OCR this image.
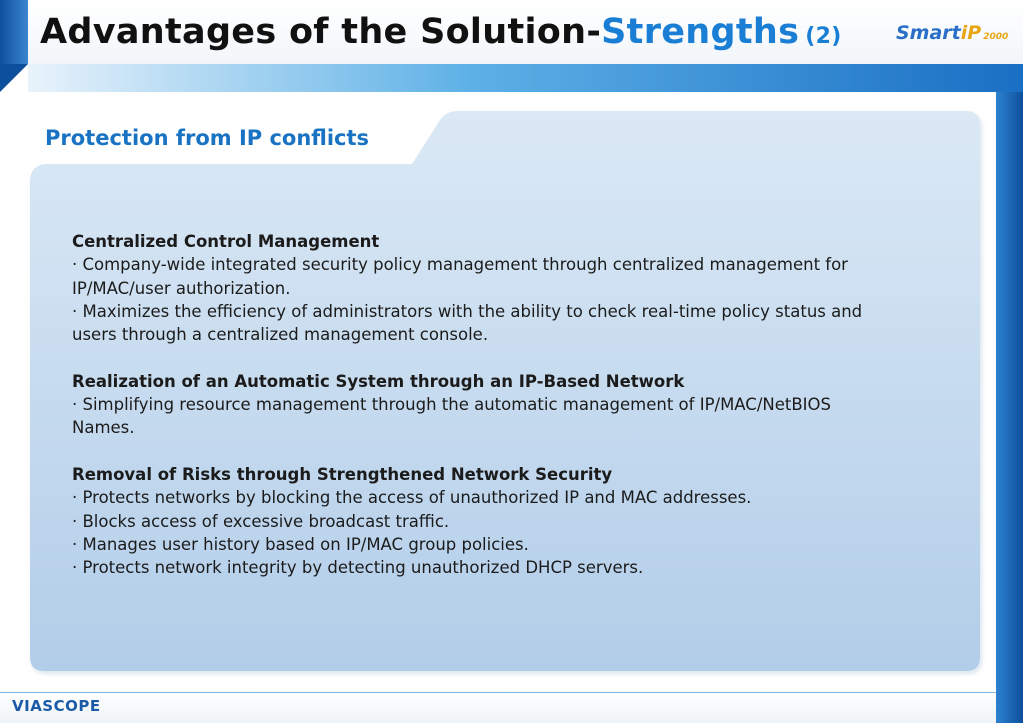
Advantages of the Solution-Strengths (2)	SmartiP 2000
Protection from IP conflicts
Centralized Control Management
· Company-wide integrated security policy management through centralized management for IP/MAC/user authorization.
· Maximizes the efficiency of administrators with the ability to check real-time policy status and users through a centralized management console.
Realization of an Automatic System through an IP-Based Network
· Simplifying resource management through the automatic management of IP/MAC/NetBIOS Names.
Removal of Risks through Strengthened Network Security
· Protects networks by blocking the access of unauthorized IP and MAC addresses.
· Blocks access of excessive broadcast traffic.
· Manages user history based on IP/MAC group policies.
· Protects network integrity by detecting unauthorized DHCP servers.
VIASCOPE
